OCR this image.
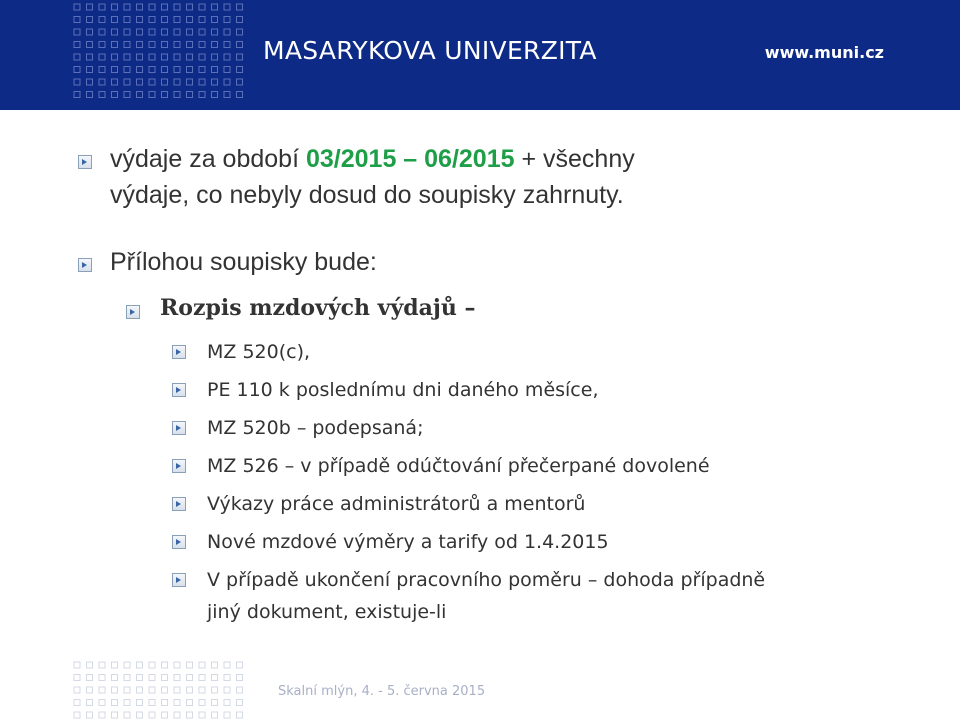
MASARYKOVA UNIVERZITA	www.muni.cz
výdaje za období 03/2015 – 06/2015 + všechny
výdaje, co nebyly dosud do soupisky zahrnuty.
Přílohou soupisky bude:
Rozpis mzdových výdajů –
MZ 520(c),
PE 110 k poslednímu dni daného měsíce,
MZ 520b – podepsaná;
MZ 526 – v případě odúčtování přečerpané dovolené
Výkazy práce administrátorů a mentorů
Nové mzdové výměry a tarify od 1.4.2015
V případě ukončení pracovního poměru – dohoda případně
jiný dokument, existuje-li
Skalní mlýn, 4. - 5. června 2015
